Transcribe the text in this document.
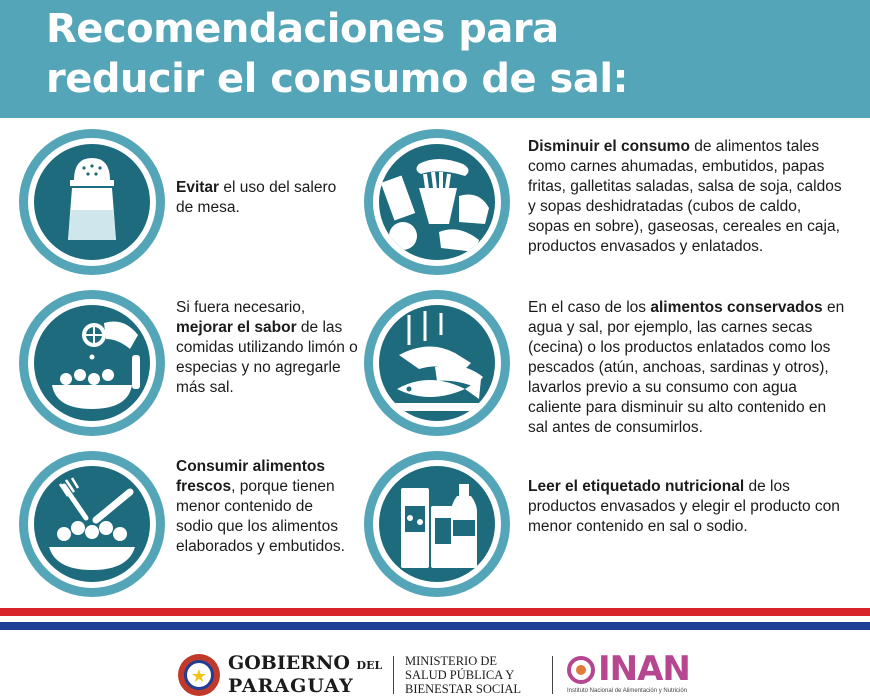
Recomendaciones para
reducir el consumo de sal:
Evitar el uso del salero de mesa.
Si fuera necesario, mejorar el sabor de las comidas utilizando limón o especias y no agregarle más sal.
Consumir alimentos frescos, porque tienen menor contenido de sodio que los alimentos elaborados y embutidos.
Disminuir el consumo de alimentos tales como carnes ahumadas, embutidos, papas fritas, galletitas saladas, salsa de soja, caldos y sopas deshidratadas (cubos de caldo, sopas en sobre), gaseosas, cereales en caja, productos envasados y enlatados.
En el caso de los alimentos conservados en agua y sal, por ejemplo, las carnes secas (cecina) o los productos enlatados como los pescados (atún, anchoas, sardinas y otros), lavarlos previo a su consumo con agua caliente para disminuir su alto contenido en sal antes de consumirlos.
Leer el etiquetado nutricional de los productos envasados y elegir el producto con menor contenido en sal o sodio.
★
GOBIERNO DEL
PARAGUAY
MINISTERIO DE
SALUD PÚBLICA Y
BIENESTAR SOCIAL INAN
Instituto Nacional de Alimentación y Nutrición
